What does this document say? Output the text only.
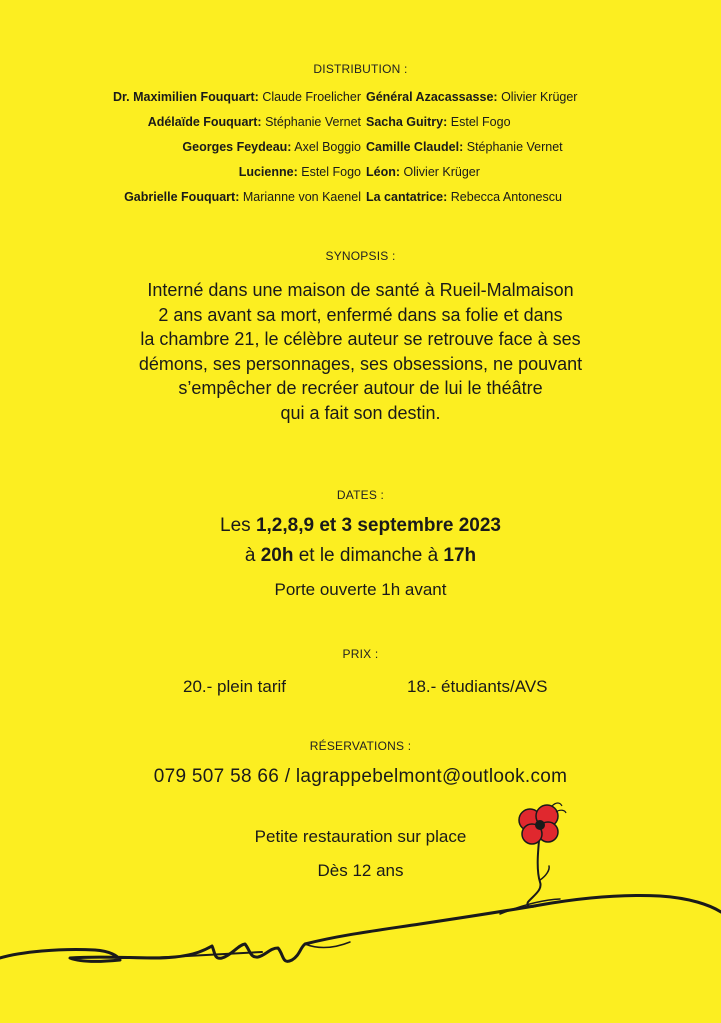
DISTRIBUTION :
Dr. Maximilien Fouquart: Claude Froelicher Général Azacassasse: Olivier Krüger
Adélaïde Fouquart: Stéphanie Vernet Sacha Guitry: Estel Fogo
Georges Feydeau: Axel Boggio Camille Claudel: Stéphanie Vernet
Lucienne: Estel Fogo Léon: Olivier Krüger
Gabrielle Fouquart: Marianne von Kaenel La cantatrice: Rebecca Antonescu
SYNOPSIS :
Interné dans une maison de santé à Rueil-Malmaison
2 ans avant sa mort, enfermé dans sa folie et dans
la chambre 21, le célèbre auteur se retrouve face à ses
démons, ses personnages, ses obsessions, ne pouvant
s’empêcher de recréer autour de lui le théâtre
qui a fait son destin.
DATES :
Les 1,2,8,9 et 3 septembre 2023
à 20h et le dimanche à 17h
Porte ouverte 1h avant
PRIX :
20.- plein tarif	18.- étudiants/AVS
RÉSERVATIONS :
079 507 58 66 / lagrappebelmont@outlook.com
Petite restauration sur place
Dès 12 ans
